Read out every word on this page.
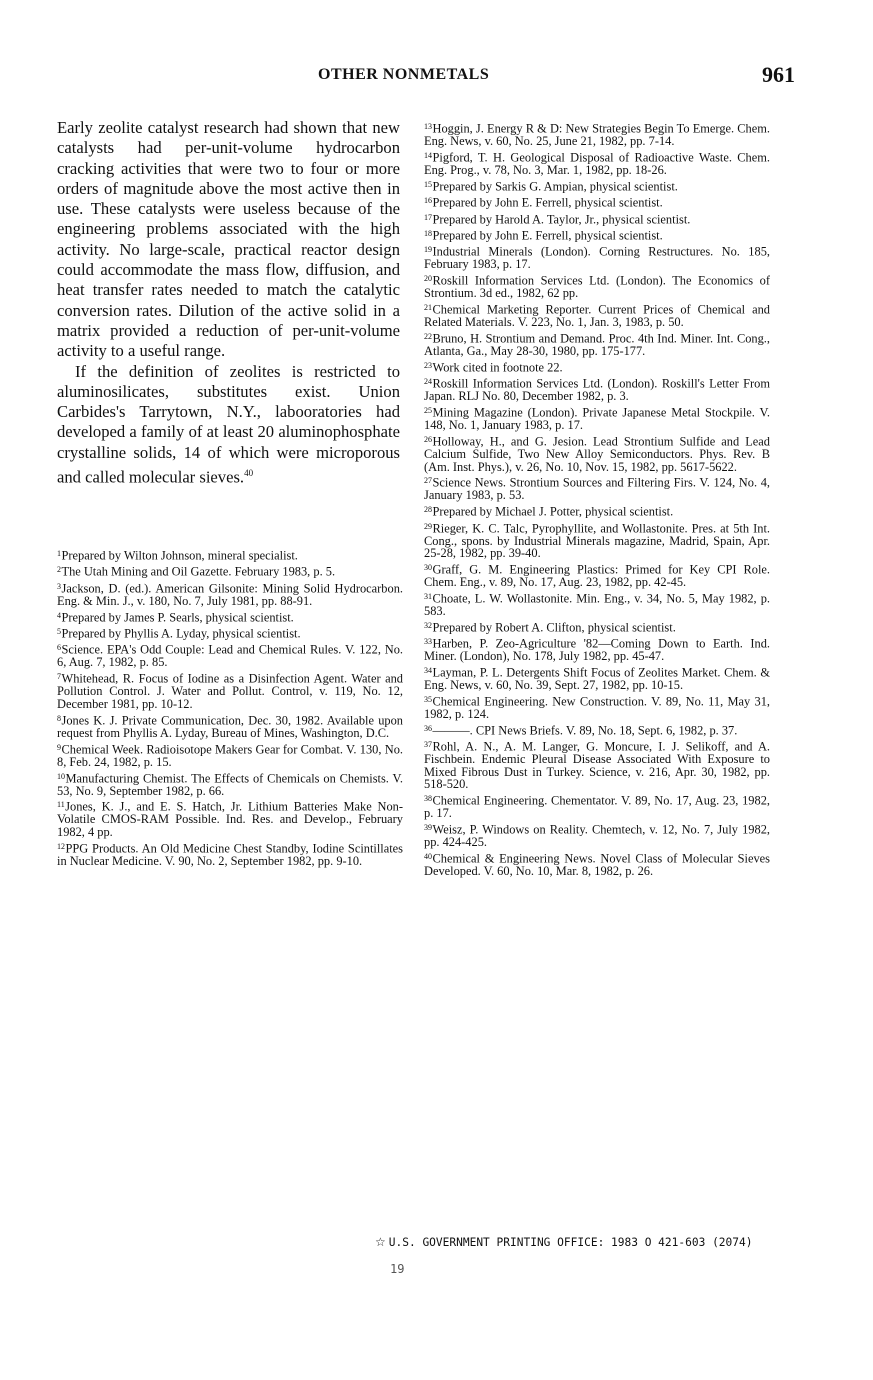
OTHER NONMETALS	961

Early zeolite catalyst research had shown that new catalysts had per-unit-volume hydrocarbon cracking activities that were two to four or more orders of magnitude above the most active then in use. These catalysts were useless because of the engineering problems associated with the high activity. No large-scale, practical reactor design could accommodate the mass flow, diffusion, and heat transfer rates needed to match the catalytic conversion rates. Dilution of the active solid in a matrix provided a reduction of per-unit-volume activity to a useful range.

If the definition of zeolites is restricted to aluminosilicates, substitutes exist. Union Carbides's Tarrytown, N.Y., labooratories had developed a family of at least 20 aluminophosphate crystalline solids, 14 of which were microporous and called molecular sieves.$^{40}$

$^1$Prepared by Wilton Johnson, mineral specialist.

$^2$The Utah Mining and Oil Gazette. February 1983, p. 5.

$^3$Jackson, D. (ed.). American Gilsonite: Mining Solid Hydrocarbon. Eng. & Min. J., v. 180, No. 7, July 1981, pp. 88-91.

$^4$Prepared by James P. Searls, physical scientist.

$^5$Prepared by Phyllis A. Lyday, physical scientist.

$^6$Science. EPA's Odd Couple: Lead and Chemical Rules. V. 122, No. 6, Aug. 7, 1982, p. 85.

$^7$Whitehead, R. Focus of Iodine as a Disinfection Agent. Water and Pollution Control. J. Water and Pollut. Control, v. 119, No. 12, December 1981, pp. 10-12.

$^8$Jones K. J. Private Communication, Dec. 30, 1982. Available upon request from Phyllis A. Lyday, Bureau of Mines, Washington, D.C.

$^9$Chemical Week. Radioisotope Makers Gear for Combat. V. 130, No. 8, Feb. 24, 1982, p. 15.

$^{10}$Manufacturing Chemist. The Effects of Chemicals on Chemists. V. 53, No. 9, September 1982, p. 66.

$^{11}$Jones, K. J., and E. S. Hatch, Jr. Lithium Batteries Make Non-Volatile CMOS-RAM Possible. Ind. Res. and Develop., February 1982, 4 pp.

$^{12}$PPG Products. An Old Medicine Chest Standby, Iodine Scintillates in Nuclear Medicine. V. 90, No. 2, September 1982, pp. 9-10.

$^{13}$Hoggin, J. Energy R & D: New Strategies Begin To Emerge. Chem. Eng. News, v. 60, No. 25, June 21, 1982, pp. 7-14.

$^{14}$Pigford, T. H. Geological Disposal of Radioactive Waste. Chem. Eng. Prog., v. 78, No. 3, Mar. 1, 1982, pp. 18-26.

$^{15}$Prepared by Sarkis G. Ampian, physical scientist.

$^{16}$Prepared by John E. Ferrell, physical scientist.

$^{17}$Prepared by Harold A. Taylor, Jr., physical scientist.

$^{18}$Prepared by John E. Ferrell, physical scientist.

$^{19}$Industrial Minerals (London). Corning Restructures. No. 185, February 1983, p. 17.

$^{20}$Roskill Information Services Ltd. (London). The Economics of Strontium. 3d ed., 1982, 62 pp.

$^{21}$Chemical Marketing Reporter. Current Prices of Chemical and Related Materials. V. 223, No. 1, Jan. 3, 1983, p. 50.

$^{22}$Bruno, H. Strontium and Demand. Proc. 4th Ind. Miner. Int. Cong., Atlanta, Ga., May 28-30, 1980, pp. 175-177.

$^{23}$Work cited in footnote 22.

$^{24}$Roskill Information Services Ltd. (London). Roskill's Letter From Japan. RLJ No. 80, December 1982, p. 3.

$^{25}$Mining Magazine (London). Private Japanese Metal Stockpile. V. 148, No. 1, January 1983, p. 17.

$^{26}$Holloway, H., and G. Jesion. Lead Strontium Sulfide and Lead Calcium Sulfide, Two New Alloy Semiconductors. Phys. Rev. B (Am. Inst. Phys.), v. 26, No. 10, Nov. 15, 1982, pp. 5617-5622.

$^{27}$Science News. Strontium Sources and Filtering Firs. V. 124, No. 4, January 1983, p. 53.

$^{28}$Prepared by Michael J. Potter, physical scientist.

$^{29}$Rieger, K. C. Talc, Pyrophyllite, and Wollastonite. Pres. at 5th Int. Cong., spons. by Industrial Minerals magazine, Madrid, Spain, Apr. 25-28, 1982, pp. 39-40.

$^{30}$Graff, G. M. Engineering Plastics: Primed for Key CPI Role. Chem. Eng., v. 89, No. 17, Aug. 23, 1982, pp. 42-45.

$^{31}$Choate, L. W. Wollastonite. Min. Eng., v. 34, No. 5, May 1982, p. 583.

$^{32}$Prepared by Robert A. Clifton, physical scientist.

$^{33}$Harben, P. Zeo-Agriculture '82—Coming Down to Earth. Ind. Miner. (London), No. 178, July 1982, pp. 45-47.

$^{34}$Layman, P. L. Detergents Shift Focus of Zeolites Market. Chem. & Eng. News, v. 60, No. 39, Sept. 27, 1982, pp. 10-15.

$^{35}$Chemical Engineering. New Construction. V. 89, No. 11, May 31, 1982, p. 124.

$^{36}$———. CPI News Briefs. V. 89, No. 18, Sept. 6, 1982, p. 37.

$^{37}$Rohl, A. N., A. M. Langer, G. Moncure, I. J. Selikoff, and A. Fischbein. Endemic Pleural Disease Associated With Exposure to Mixed Fibrous Dust in Turkey. Science, v. 216, Apr. 30, 1982, pp. 518-520.

$^{38}$Chemical Engineering. Chementator. V. 89, No. 17, Aug. 23, 1982, p. 17.

$^{39}$Weisz, P. Windows on Reality. Chemtech, v. 12, No. 7, July 1982, pp. 424-425.

$^{40}$Chemical & Engineering News. Novel Class of Molecular Sieves Developed. V. 60, No. 10, Mar. 8, 1982, p. 26.

☆ U.S. GOVERNMENT PRINTING OFFICE: 1983 O 421-603 (2074)
19
